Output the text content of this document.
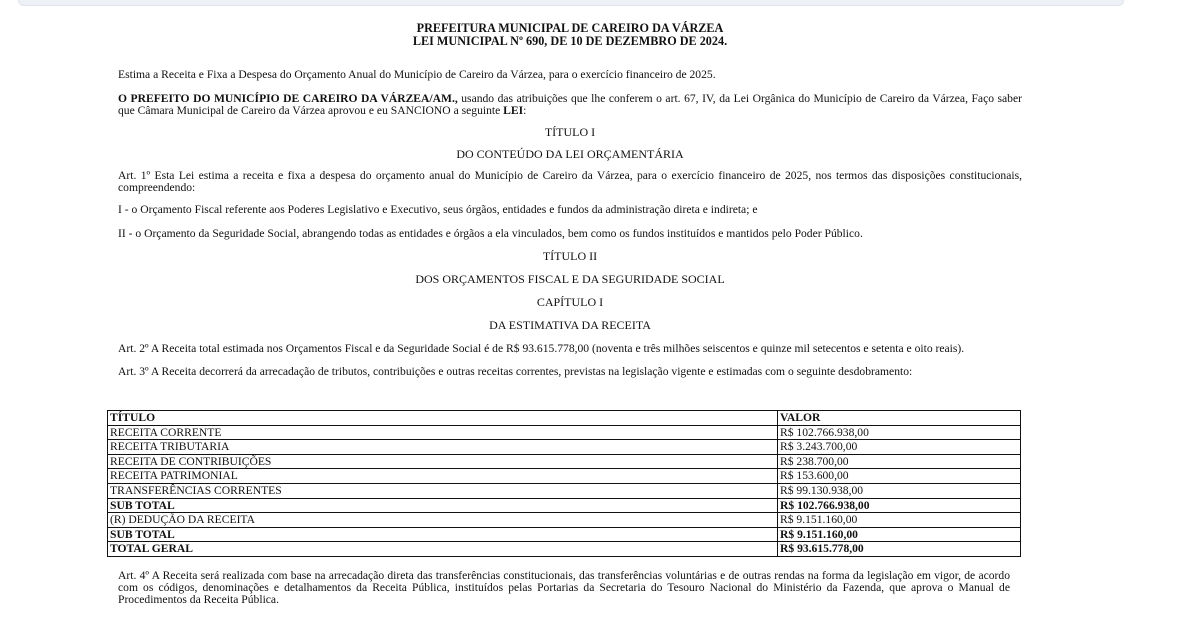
PREFEITURA MUNICIPAL DE CAREIRO DA VÁRZEA
LEI MUNICIPAL Nº 690, DE 10 DE DEZEMBRO DE 2024.

Estima a Receita e Fixa a Despesa do Orçamento Anual do Município de Careiro da Várzea, para o exercício financeiro de 2025.

O PREFEITO DO MUNICÍPIO DE CAREIRO DA VÁRZEA/AM., usando das atribuições que lhe conferem o art. 67, IV, da Lei Orgânica do Município de Careiro da Várzea, Faço saber que Câmara Municipal de Careiro da Várzea aprovou e eu SANCIONO a seguinte LEI:

TÍTULO I

DO CONTEÚDO DA LEI ORÇAMENTÁRIA

Art. 1º Esta Lei estima a receita e fixa a despesa do orçamento anual do Município de Careiro da Várzea, para o exercício financeiro de 2025, nos termos das disposições constitucionais, compreendendo:

I - o Orçamento Fiscal referente aos Poderes Legislativo e Executivo, seus órgãos, entidades e fundos da administração direta e indireta; e

II - o Orçamento da Seguridade Social, abrangendo todas as entidades e órgãos a ela vinculados, bem como os fundos instituídos e mantidos pelo Poder Público.

TÍTULO II

DOS ORÇAMENTOS FISCAL E DA SEGURIDADE SOCIAL

CAPÍTULO I

DA ESTIMATIVA DA RECEITA

Art. 2º A Receita total estimada nos Orçamentos Fiscal e da Seguridade Social é de R$ 93.615.778,00 (noventa e três milhões seiscentos e quinze mil setecentos e setenta e oito reais).

Art. 3º A Receita decorrerá da arrecadação de tributos, contribuições e outras receitas correntes, previstas na legislação vigente e estimadas com o seguinte desdobramento:

TÍTULO	VALOR
RECEITA CORRENTE	R$ 102.766.938,00
RECEITA TRIBUTARIA	R$ 3.243.700,00
RECEITA DE CONTRIBUIÇÕES	R$ 238.700,00
RECEITA PATRIMONIAL	R$ 153.600,00
TRANSFERÊNCIAS CORRENTES	R$ 99.130.938,00
SUB TOTAL	R$ 102.766.938,00
(R) DEDUÇÃO DA RECEITA	R$ 9.151.160,00
SUB TOTAL	R$ 9.151.160,00
TOTAL GERAL	R$ 93.615.778,00

Art. 4º A Receita será realizada com base na arrecadação direta das transferências constitucionais, das transferências voluntárias e de outras rendas na forma da legislação em vigor, de acordo com os códigos, denominações e detalhamentos da Receita Pública, instituídos pelas Portarias da Secretaria do Tesouro Nacional do Ministério da Fazenda, que aprova o Manual de Procedimentos da Receita Pública.
